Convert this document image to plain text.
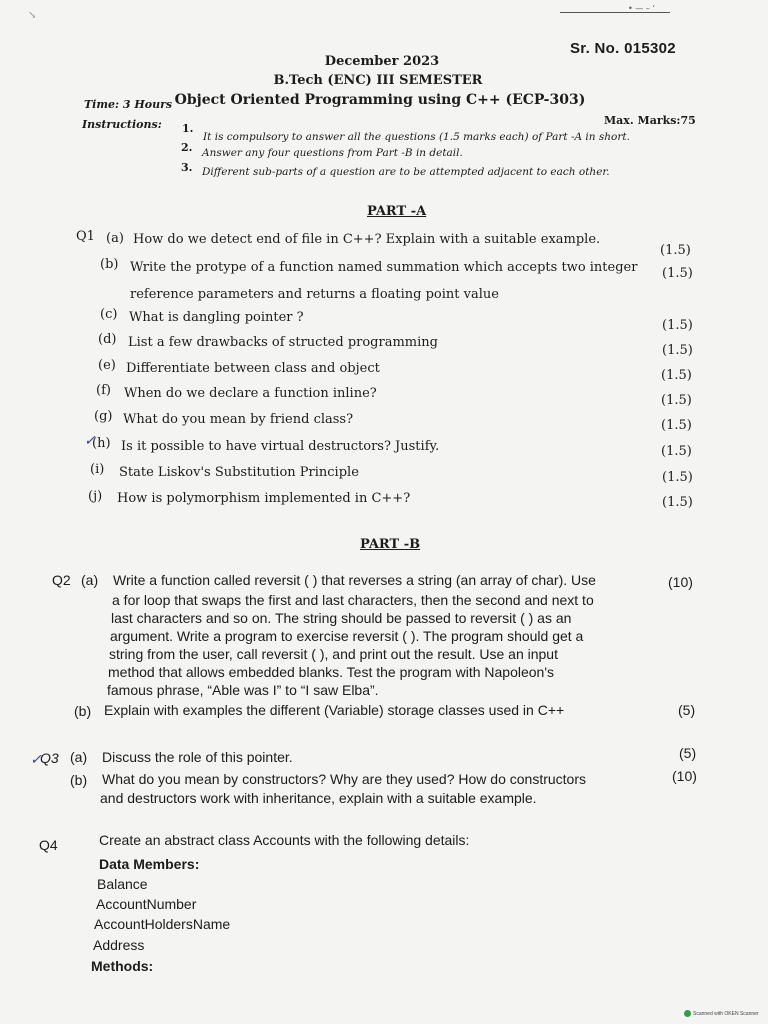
↘
• — – ‘
Sr. No. 015302
December 2023
B.Tech (ENC) III SEMESTER
Object Oriented Programming using C++ (ECP-303)
Time: 3 Hours
Instructions:	Max. Marks:75
1.
It is compulsory to answer all the questions (1.5 marks each) of Part -A in short.
2. Answer any four questions from Part -B in detail.
3. Different sub-parts of a question are to be attempted adjacent to each other.
PART -A
Q1 (a) How do we detect end of file in C++? Explain with a suitable example.
(1.5)
(b) Write the protype of a function named summation which accepts two integer
reference parameters and returns a floating point value
(1.5)
(c) What is dangling pointer ?
(1.5)
(d) List a few drawbacks of structed programming
(1.5)
(e) Differentiate between class and object	(1.5)
(f) When do we declare a function inline?	(1.5)
(g) What do you mean by friend class?	(1.5)
✓
(h) Is it possible to have virtual destructors? Justify.	(1.5)
(i) State Liskov's Substitution Principle	(1.5)
(j) How is polymorphism implemented in C++?	(1.5)
PART -B
Q2 (a) Write a function called reversit ( ) that reverses a string (an array of char). Use
a for loop that swaps the first and last characters, then the second and next to
last characters and so on. The string should be passed to reversit ( ) as an
argument. Write a program to exercise reversit ( ). The program should get a
string from the user, call reversit ( ), and print out the result. Use an input
method that allows embedded blanks. Test the program with Napoleon's
famous phrase, “Able was I” to “I saw Elba”.
(10)
(b) Explain with examples the different (Variable) storage classes used in C++	(5)
✓
Q3 (a) Discuss the role of this pointer.	(5)
(b) What do you mean by constructors? Why are they used? How do constructors
and destructors work with inheritance, explain with a suitable example.
(10)
Q4	Create an abstract class Accounts with the following details:
Data Members:
Balance
AccountNumber
AccountHoldersName
Address
Methods:
Scanned with OKEN Scanner
